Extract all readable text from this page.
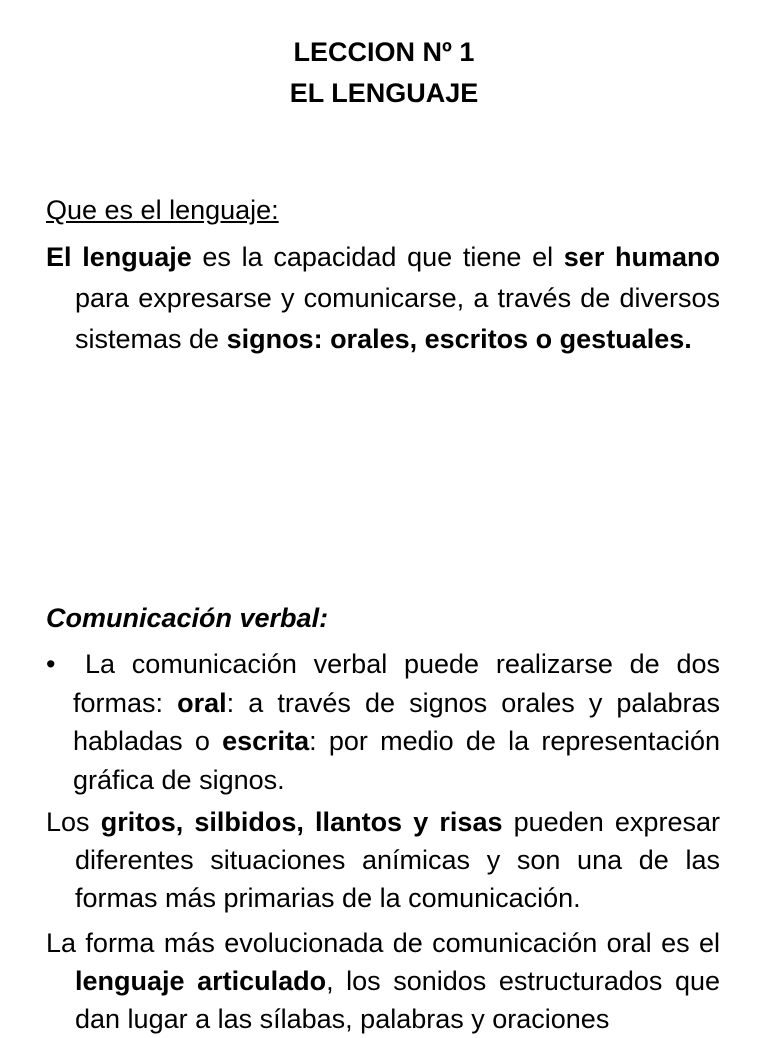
LECCION Nº 1
EL LENGUAJE
Que es el lenguaje:
El lenguaje es la capacidad que tiene el ser humano para expresarse y comunicarse, a través de diversos sistemas de signos: orales, escritos o gestuales.
Comunicación verbal:
• La comunicación verbal puede realizarse de dos formas: oral: a través de signos orales y palabras habladas o escrita: por medio de la representación gráfica de signos.
Los gritos, silbidos, llantos y risas pueden expresar diferentes situaciones anímicas y son una de las formas más primarias de la comunicación.
La forma más evolucionada de comunicación oral es el lenguaje articulado, los sonidos estructurados que dan lugar a las sílabas, palabras y oraciones
